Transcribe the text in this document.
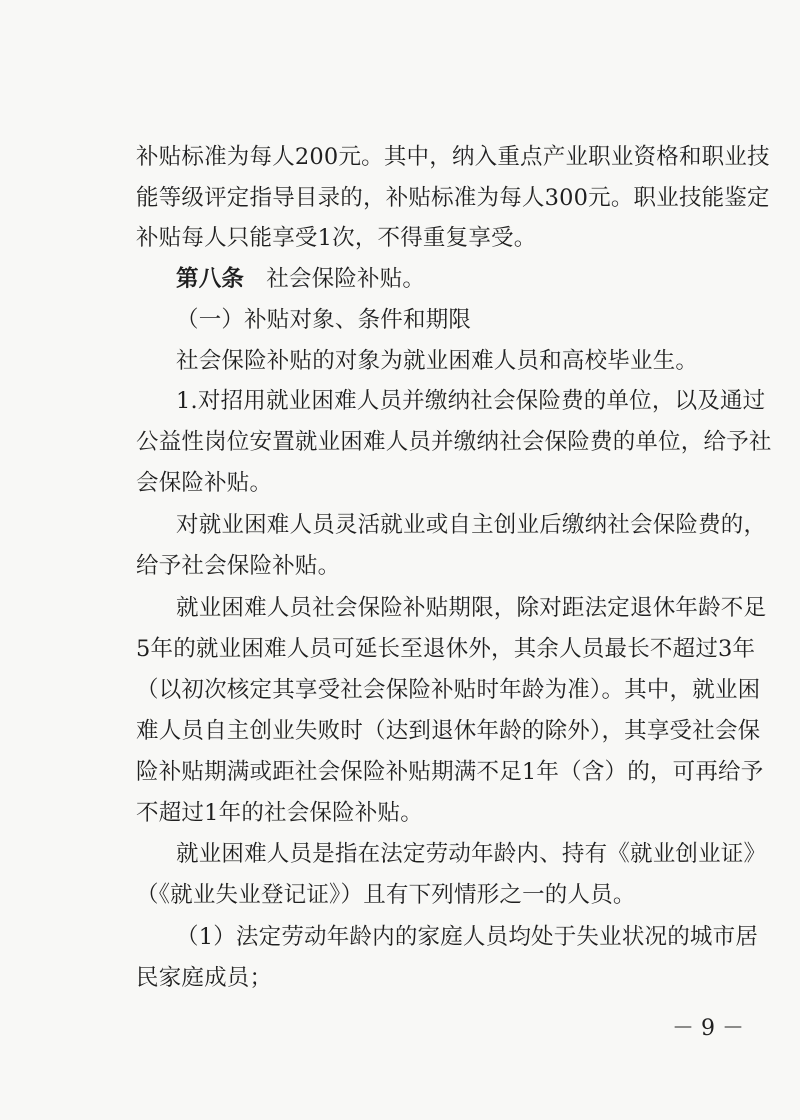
补贴标准为每人200元。其中，纳入重点产业职业资格和职业技
能等级评定指导目录的，补贴标准为每人300元。职业技能鉴定
补贴每人只能享受1次，不得重复享受。
第八条 社会保险补贴。
（一）补贴对象、条件和期限
社会保险补贴的对象为就业困难人员和高校毕业生。
1.对招用就业困难人员并缴纳社会保险费的单位，以及通过
公益性岗位安置就业困难人员并缴纳社会保险费的单位，给予社
会保险补贴。
对就业困难人员灵活就业或自主创业后缴纳社会保险费的，
给予社会保险补贴。
就业困难人员社会保险补贴期限，除对距法定退休年龄不足
5年的就业困难人员可延长至退休外，其余人员最长不超过3年
（以初次核定其享受社会保险补贴时年龄为准）。其中，就业困
难人员自主创业失败时（达到退休年龄的除外），其享受社会保
险补贴期满或距社会保险补贴期满不足1年（含）的，可再给予
不超过1年的社会保险补贴。
就业困难人员是指在法定劳动年龄内、持有《就业创业证》
（《就业失业登记证》）且有下列情形之一的人员。
（1）法定劳动年龄内的家庭人员均处于失业状况的城市居
民家庭成员；
－ 9 －
